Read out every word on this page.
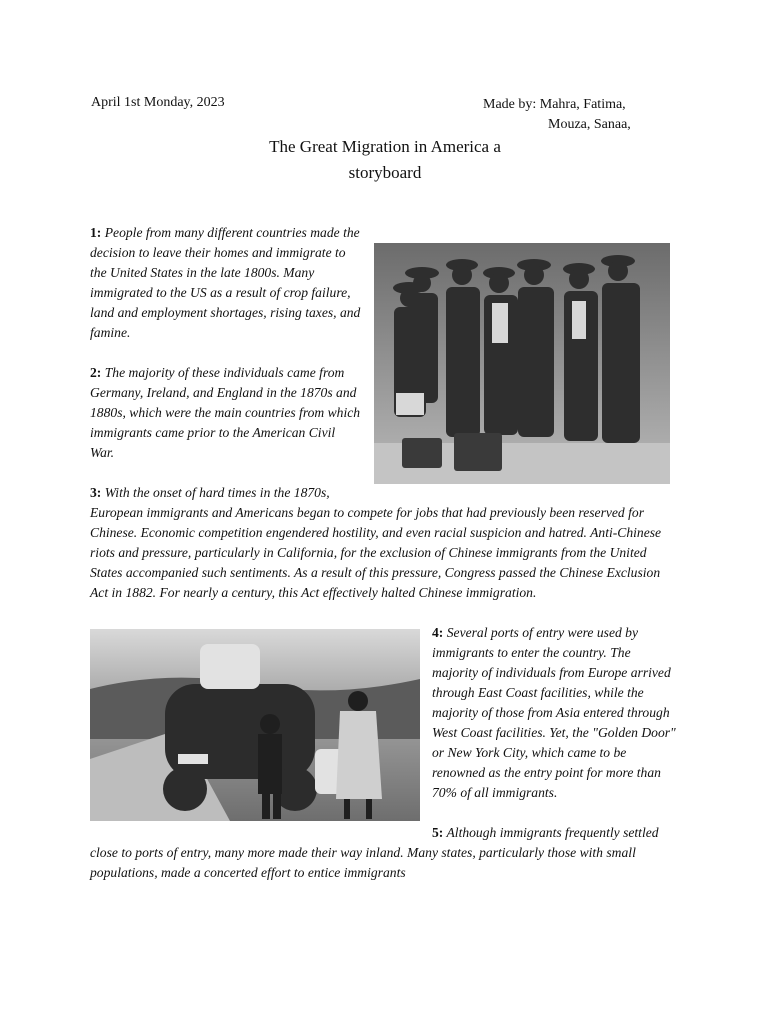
April 1st Monday, 2023	Made by: Mahra, Fatima,
Mouza, Sanaa,
The Great Migration in America a
storyboard

1: People from many different countries made the decision to leave their homes and immigrate to the United States in the late 1800s. Many immigrated to the US as a result of crop failure, land and employment shortages, rising taxes, and famine.

2: The majority of these individuals came from Germany, Ireland, and England in the 1870s and 1880s, which were the main countries from which immigrants came prior to the American Civil War.

3: With the onset of hard times in the 1870s, European immigrants and Americans began to compete for jobs that had previously been reserved for Chinese. Economic competition engendered hostility, and even racial suspicion and hatred. Anti-Chinese riots and pressure, particularly in California, for the exclusion of Chinese immigrants from the United States accompanied such sentiments. As a result of this pressure, Congress passed the Chinese Exclusion Act in 1882. For nearly a century, this Act effectively halted Chinese immigration.

4: Several ports of entry were used by immigrants to enter the country. The majority of individuals from Europe arrived through East Coast facilities, while the majority of those from Asia entered through West Coast facilities. Yet, the "Golden Door" or New York City, which came to be renowned as the entry point for more than 70% of all immigrants.

5: Although immigrants frequently settled close to ports of entry, many more made their way inland. Many states, particularly those with small populations, made a concerted effort to entice immigrants
